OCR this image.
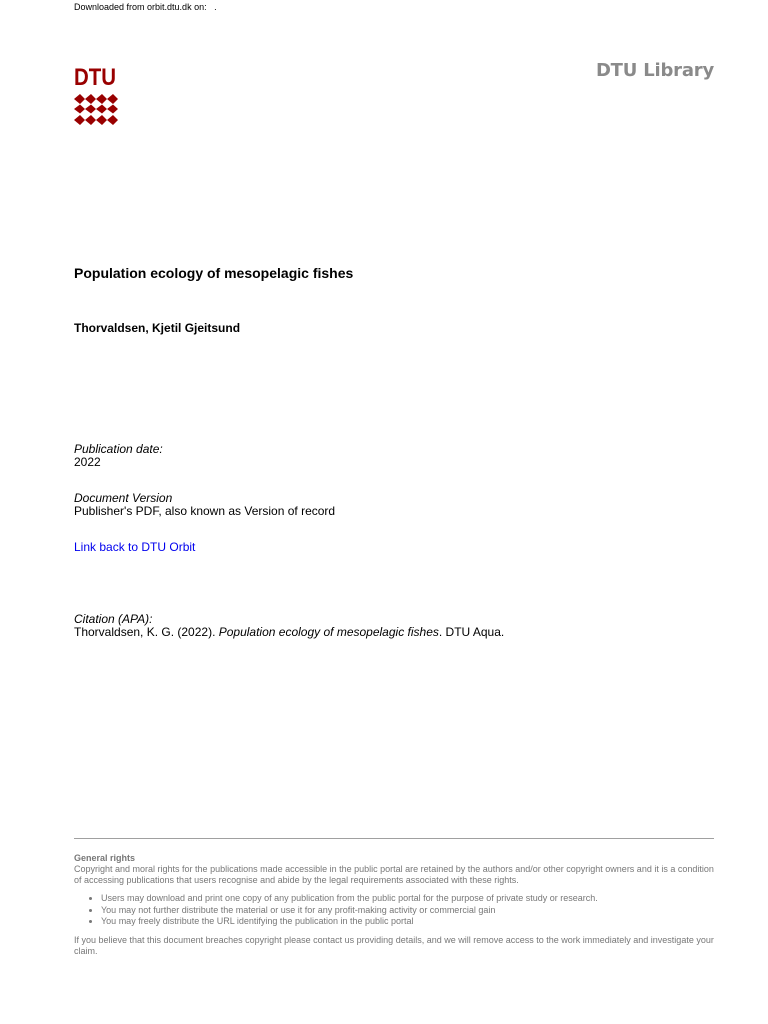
Downloaded from orbit.dtu.dk on:   .
DTU	DTU Library
Population ecology of mesopelagic fishes
Thorvaldsen, Kjetil Gjeitsund
Publication date:
2022
Document Version
Publisher's PDF, also known as Version of record
Link back to DTU Orbit
Citation (APA):
Thorvaldsen, K. G. (2022). Population ecology of mesopelagic fishes. DTU Aqua.
General rights

Copyright and moral rights for the publications made accessible in the public portal are retained by the authors and/or other copyright owners and it is a condition of accessing publications that users recognise and abide by the legal requirements associated with these rights.

• Users may download and print one copy of any publication from the public portal for the purpose of private study or research.
• You may not further distribute the material or use it for any profit-making activity or commercial gain
• You may freely distribute the URL identifying the publication in the public portal

If you believe that this document breaches copyright please contact us providing details, and we will remove access to the work immediately and investigate your claim.
